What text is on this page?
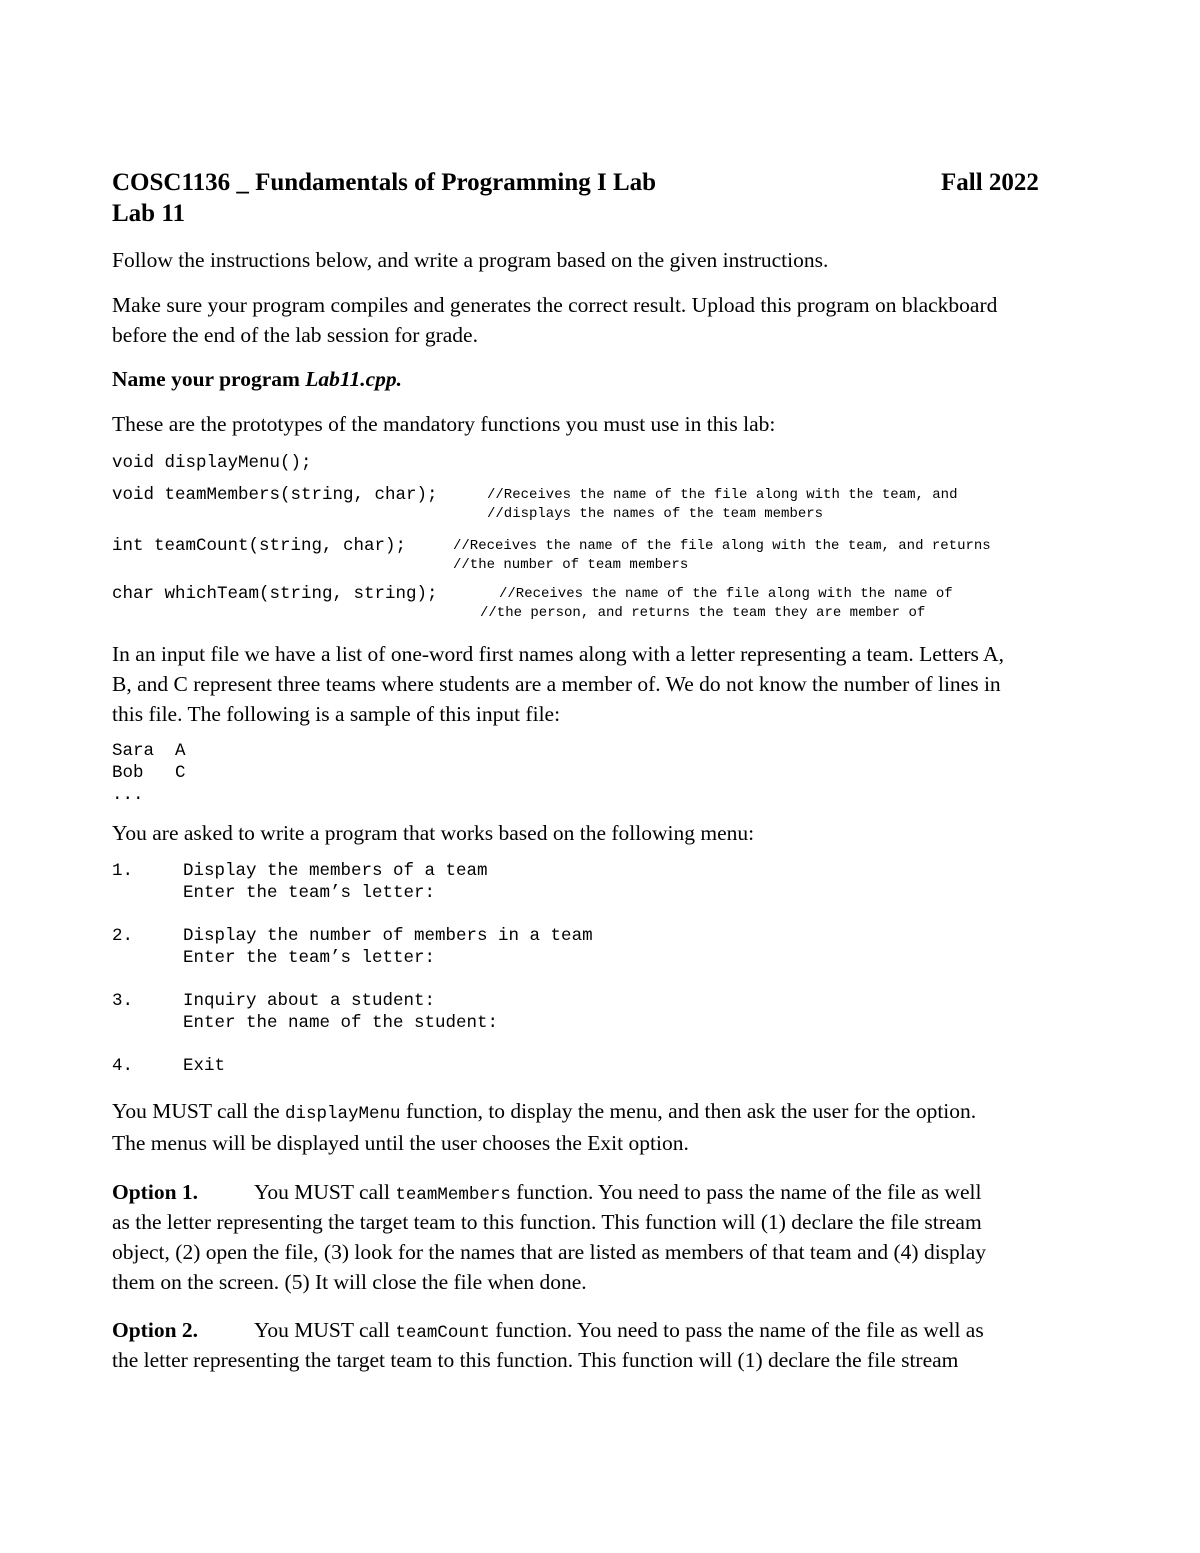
COSC1136 _ Fundamentals of Programming I Lab	Fall 2022
Lab 11
Follow the instructions below, and write a program based on the given instructions.
Make sure your program compiles and generates the correct result. Upload this program on blackboard
before the end of the lab session for grade.
Name your program Lab11.cpp.
These are the prototypes of the mandatory functions you must use in this lab:
void displayMenu();
void teamMembers(string, char);	//Receives the name of the file along with the team, and
//displays the names of the team members
int teamCount(string, char);	//Receives the name of the file along with the team, and returns
//the number of team members
char whichTeam(string, string);	//Receives the name of the file along with the name of
//the person, and returns the team they are member of
In an input file we have a list of one-word first names along with a letter representing a team. Letters A,
B, and C represent three teams where students are a member of. We do not know the number of lines in
this file. The following is a sample of this input file:
Sara  A
Bob   C
...
You are asked to write a program that works based on the following menu:
1.	Display the members of a team
Enter the team’s letter:
2.	Display the number of members in a team
Enter the team’s letter:
3.	Inquiry about a student:
Enter the name of the student:
4.	Exit
You MUST call the displayMenu function, to display the menu, and then ask the user for the option.
The menus will be displayed until the user chooses the Exit option.
Option 1.	You MUST call teamMembers function. You need to pass the name of the file as well
as the letter representing the target team to this function. This function will (1) declare the file stream
object, (2) open the file, (3) look for the names that are listed as members of that team and (4) display
them on the screen. (5) It will close the file when done.
Option 2.	You MUST call teamCount function. You need to pass the name of the file as well as
the letter representing the target team to this function. This function will (1) declare the file stream
